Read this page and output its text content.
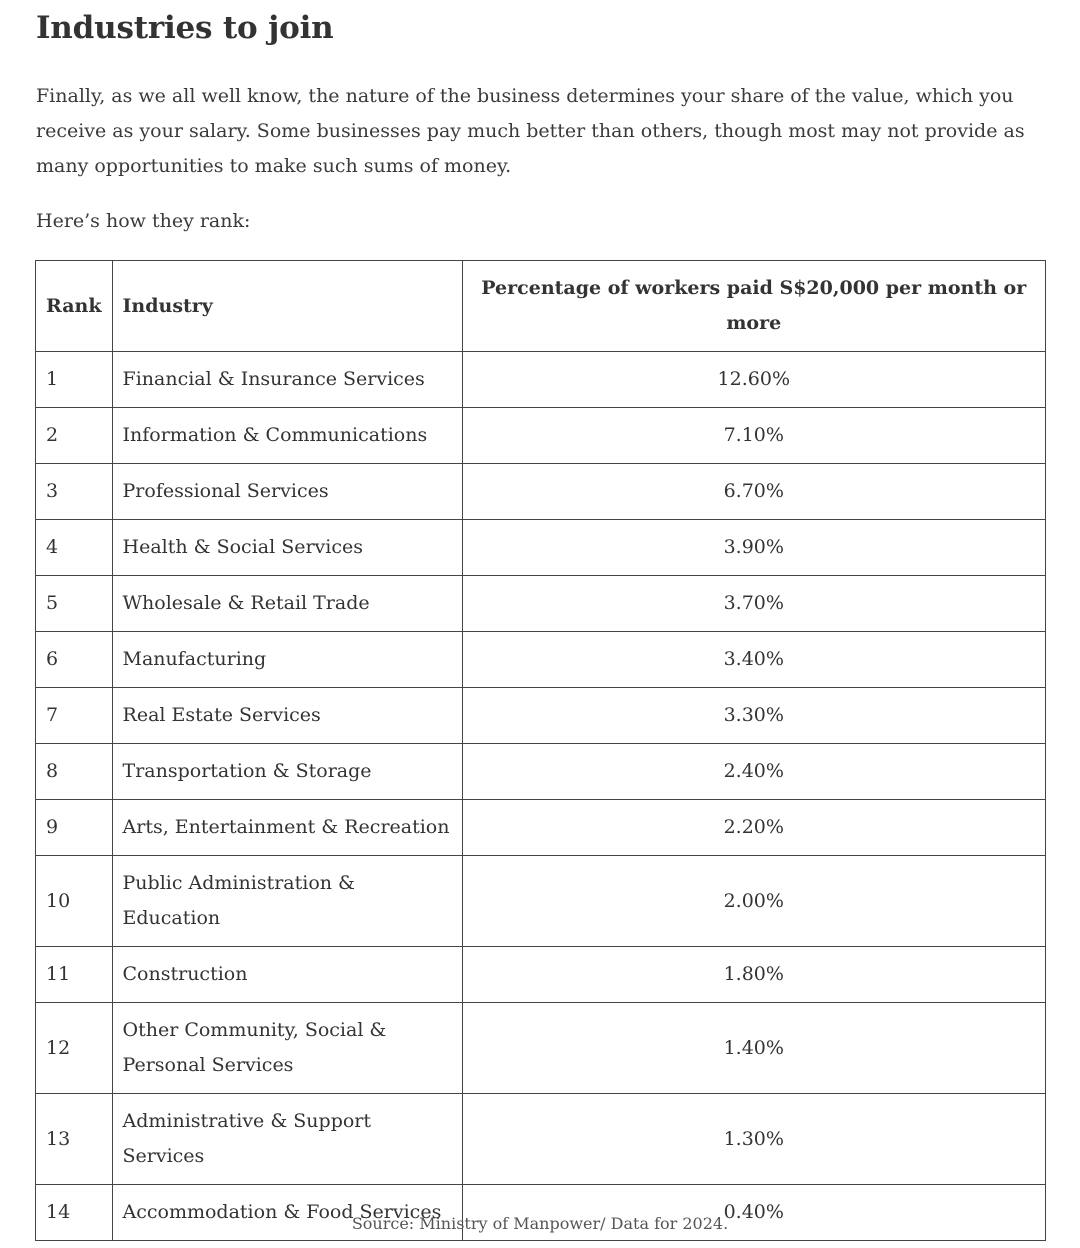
Industries to join

Finally, as we all well know, the nature of the business determines your share of the value, which you receive as your salary. Some businesses pay much better than others, though most may not provide as many opportunities to make such sums of money.

Here’s how they rank:

Rank	Industry	Percentage of workers paid S$20,000 per month or more
1	Financial & Insurance Services	12.60%
2	Information & Communications	7.10%
3	Professional Services	6.70%
4	Health & Social Services	3.90%
5	Wholesale & Retail Trade	3.70%
6	Manufacturing	3.40%
7	Real Estate Services	3.30%
8	Transportation & Storage	2.40%
9	Arts, Entertainment & Recreation	2.20%
10	Public Administration & Education	2.00%
11	Construction	1.80%
12	Other Community, Social & Personal Services	1.40%
13	Administrative & Support Services	1.30%
14	Accommodation & Food Services	0.40%

Source: Ministry of Manpower/ Data for 2024.
